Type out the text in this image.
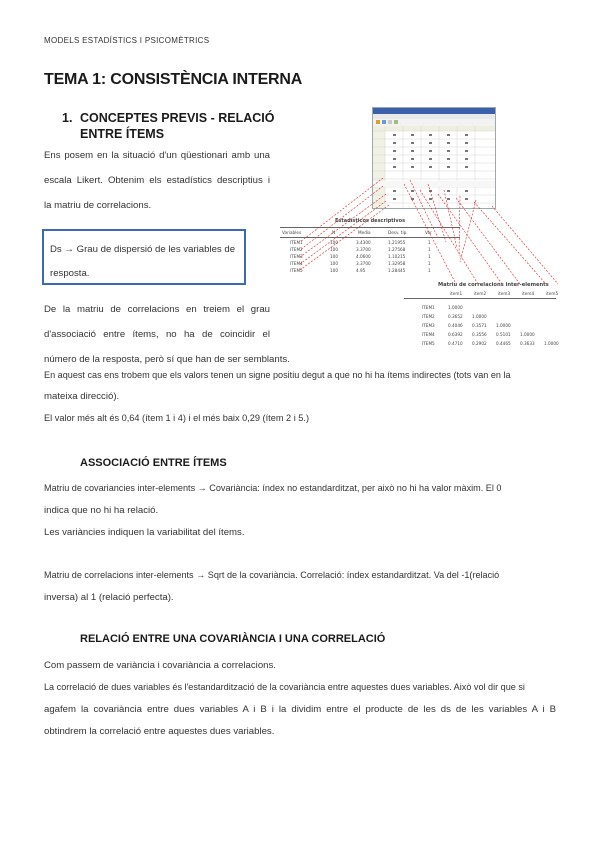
MODELS ESTADÍSTICS I PSICOMÈTRICS
TEMA 1: CONSISTÈNCIA INTERNA
1. CONCEPTES PREVIS - RELACIÓ
ENTRE ÍTEMS
Ens posem en la situació d'un qüestionari amb una
escala Likert. Obtenim els estadístics descriptius i
la matriu de correlacions.
Ds → Grau de dispersió de les variables de resposta.
De la matriu de correlacions en treiem el grau
d'associació entre ítems, no ha de coincidir el
número de la resposta, però sí que han de ser semblants.
En aquest cas ens trobem que els valors tenen un signe positiu degut a que no hi ha ítems indirectes (tots van en la
mateixa direcció).
El valor més alt és 0,64 (ítem 1 i 4) i el més baix 0,29 (ítem 2 i 5.)
ASSOCIACIÓ ENTRE ÍTEMS
Matriu de covariancies inter-elements → Covariància: índex no estandarditzat, per això no hi ha valor màxim. El 0
indica que no hi ha relació.
Les variàncies indiquen la variabilitat del ítems.
Matriu de correlacions inter-elements → Sqrt de la covariància. Correlació: índex estandarditzat. Va del -1(relació
inversa) al 1 (relació perfecta).
RELACIÓ ENTRE UNA COVARIÀNCIA I UNA CORRELACIÓ
Com passem de variància i covariància a correlacions.
La correlació de dues variables és l'estandardització de la covariància entre aquestes dues variables. Això vol dir que si
agafem la covariància entre dues variables A i B i la dividim entre el producte de les ds de les variables A i B
obtindrem la correlació entre aquestes dues variables.
Estadísticos descriptivos
Variables	N	Media	Desv. típ.	Var
ITEM1	100	3.4300	1.21955	1
ITEM2	100	3.3700	1.27568	1
ITEM3	100	4.0600	1.10215	1
ITEM4	100	3.3700	1.32958	1
ITEM5	100	4.95	1.28445	1
Matriu de correlacions inter-elements
item1	item2	item3	item4	item5
ITEM1	1.0000
ITEM2	0.3652 1.0000
ITEM3	0.4046 0.3571 1.0000
ITEM4	0.6392 0.3556 0.5101 1.0000
ITEM5	0.4710 0.2902 0.4465 0.3633 1.0000
